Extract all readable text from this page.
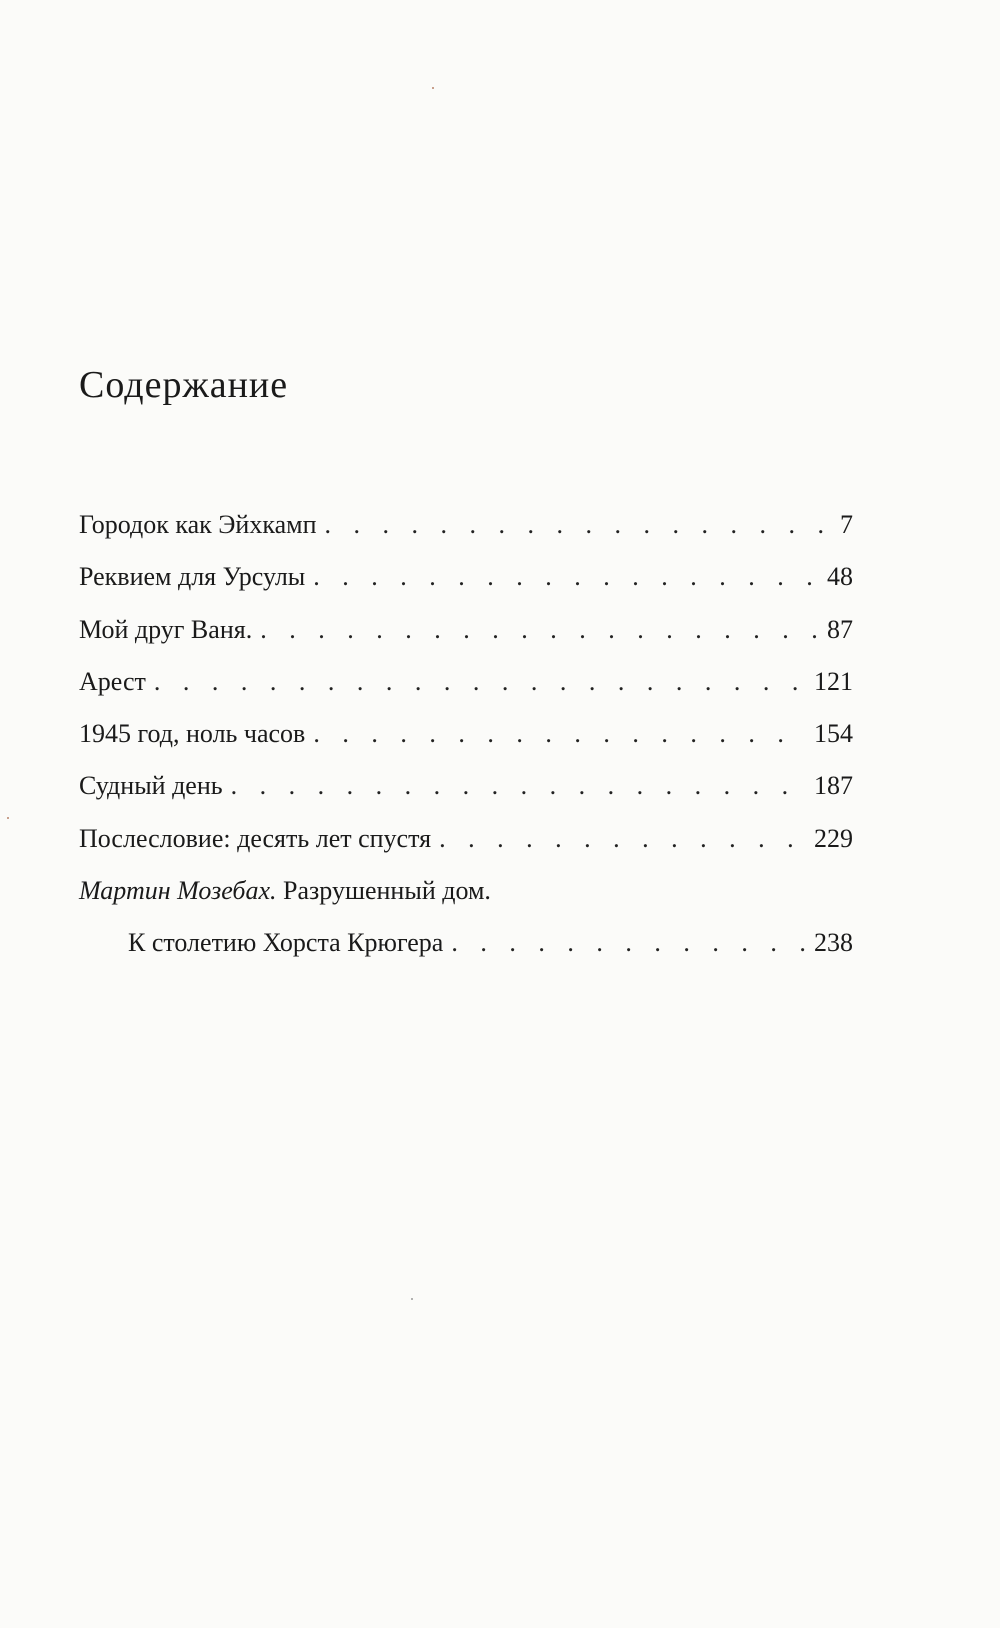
Содержание
Городок как Эйхкамп . . .	7
Реквием для Урсулы . . .	48
Мой друг Ваня. . . .	87
Арест . . .	121
1945 год, ноль часов . . .	154
Судный день . . .	187
Послесловие: десять лет спустя . . .	229
Мартин Мозебах. Разрушенный дом.
К столетию Хорста Крюгера . . .	238
